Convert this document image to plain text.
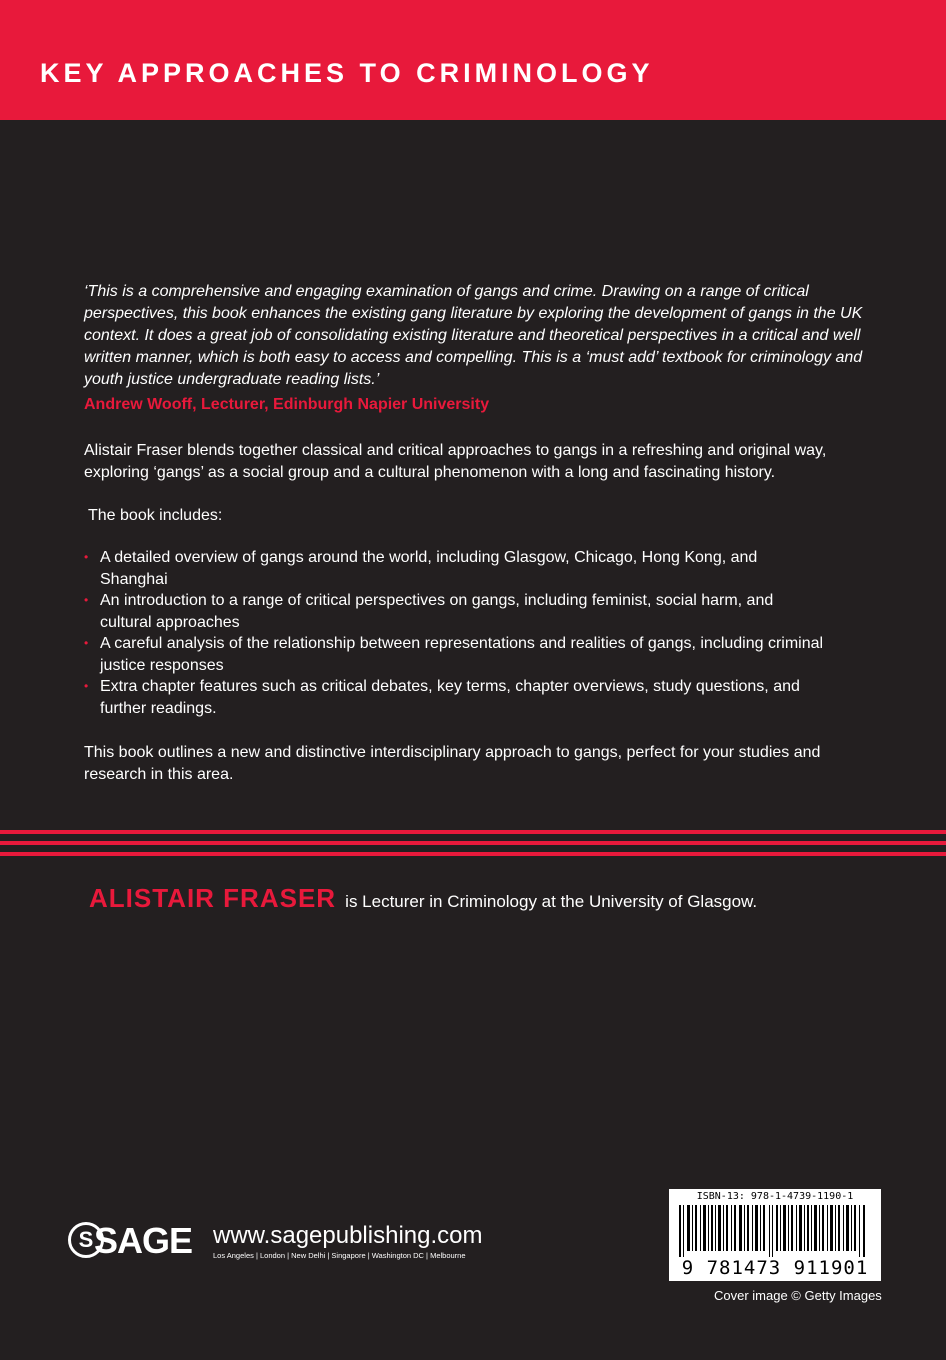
KEY APPROACHES TO CRIMINOLOGY

‘This is a comprehensive and engaging examination of gangs and crime. Drawing on a range of critical perspectives, this book enhances the existing gang literature by exploring the development of gangs in the UK context. It does a great job of consolidating existing literature and theoretical perspectives in a critical and well written manner, which is both easy to access and compelling. This is a ‘must add’ textbook for criminology and youth justice undergraduate reading lists.’

Andrew Wooff, Lecturer, Edinburgh Napier University

Alistair Fraser blends together classical and critical approaches to gangs in a refreshing and original way, exploring ‘gangs’ as a social group and a cultural phenomenon with a long and fascinating history.

The book includes:
• A detailed overview of gangs around the world, including Glasgow, Chicago, Hong Kong, and Shanghai
• An introduction to a range of critical perspectives on gangs, including feminist, social harm, and cultural approaches
• A careful analysis of the relationship between representations and realities of gangs, including criminal justice responses
• Extra chapter features such as critical debates, key terms, chapter overviews, study questions, and further readings.

This book outlines a new and distinctive interdisciplinary approach to gangs, perfect for your studies and research in this area.

ALISTAIR FRASER is Lecturer in Criminology at the University of Glasgow.
S SAGE www.sagepublishing.com
Los Angeles | London | New Delhi | Singapore | Washington DC | Melbourne
ISBN-13: 978-1-4739-1190-1
9 781473 911901
Cover image © Getty Images
